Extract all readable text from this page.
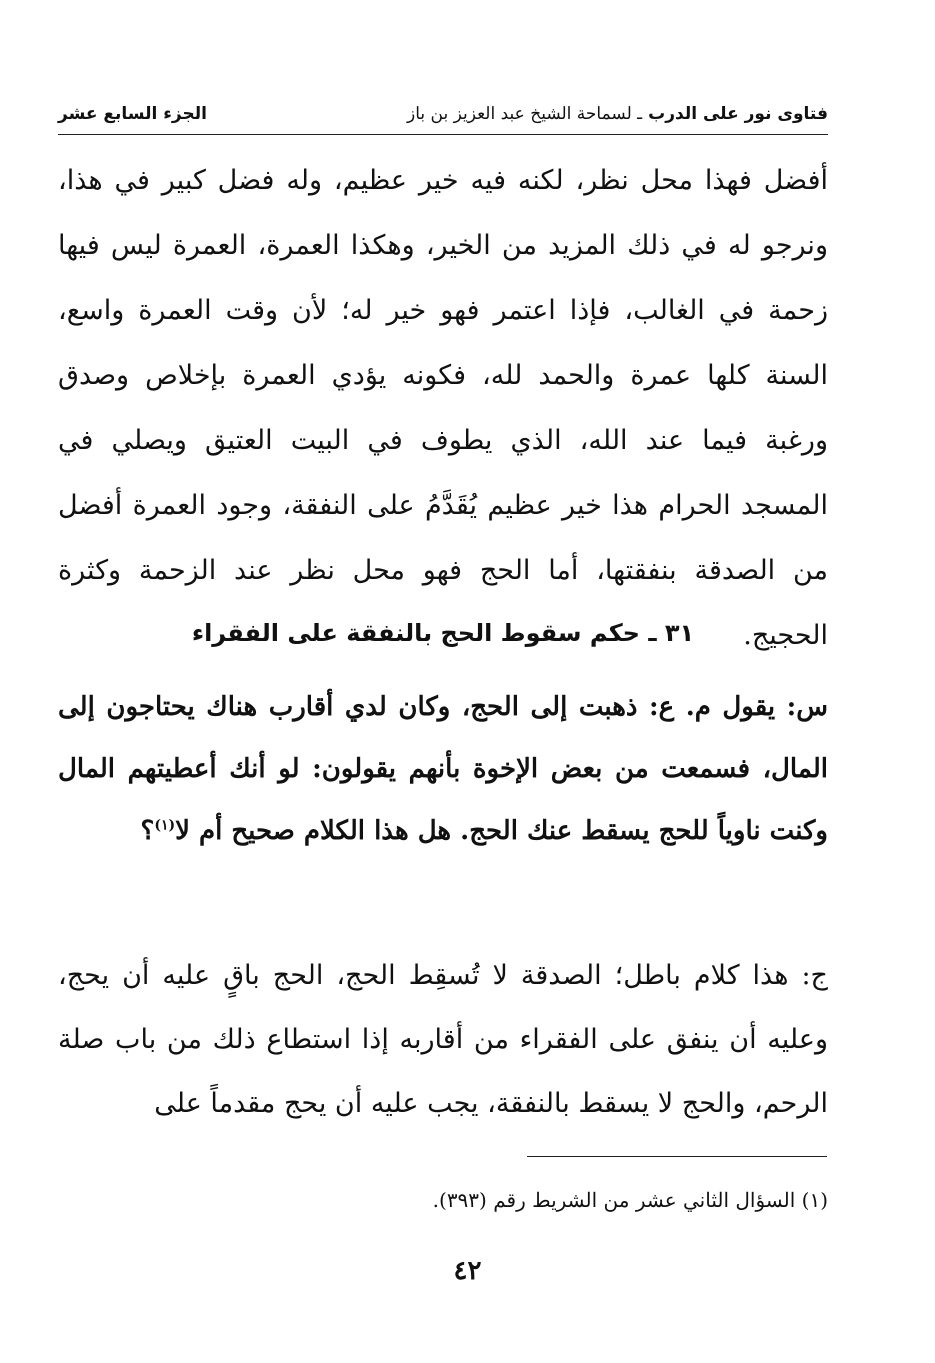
فتاوى نور على الدرب
ـ لسماحة الشيخ عبد العزيز بن باز
الجزء السابع عشر
أفضل فهذا محل نظر، لكنه فيه خير عظيم، وله فضل كبير في هذا، ونرجو له في ذلك المزيد من الخير، وهكذا العمرة، العمرة ليس فيها زحمة في الغالب، فإذا اعتمر فهو خير له؛ لأن وقت العمرة واسع، السنة كلها عمرة والحمد لله، فكونه يؤدي العمرة بإخلاص وصدق ورغبة فيما عند الله، الذي يطوف في البيت العتيق ويصلي في المسجد الحرام هذا خير عظيم يُقَدَّمُ على النفقة، وجود العمرة أفضل من الصدقة بنفقتها، أما الحج فهو محل نظر عند الزحمة وكثرة الحجيج.
٣١ ـ حكم سقوط الحج بالنفقة على الفقراء
س: يقول م. ع: ذهبت إلى الحج، وكان لدي أقارب هناك يحتاجون إلى المال، فسمعت من بعض الإخوة بأنهم يقولون: لو أنك أعطيتهم المال وكنت ناوياً للحج يسقط عنك الحج. هل هذا الكلام صحيح أم لا$^{(١)}$؟
ج: هذا كلام باطل؛ الصدقة لا تُسقِط الحج، الحج باقٍ عليه أن يحج، وعليه أن ينفق على الفقراء من أقاربه إذا استطاع ذلك من باب صلة الرحم، والحج لا يسقط بالنفقة، يجب عليه أن يحج مقدماً على
(١) السؤال الثاني عشر من الشريط رقم (٣٩٣).
٤٢
